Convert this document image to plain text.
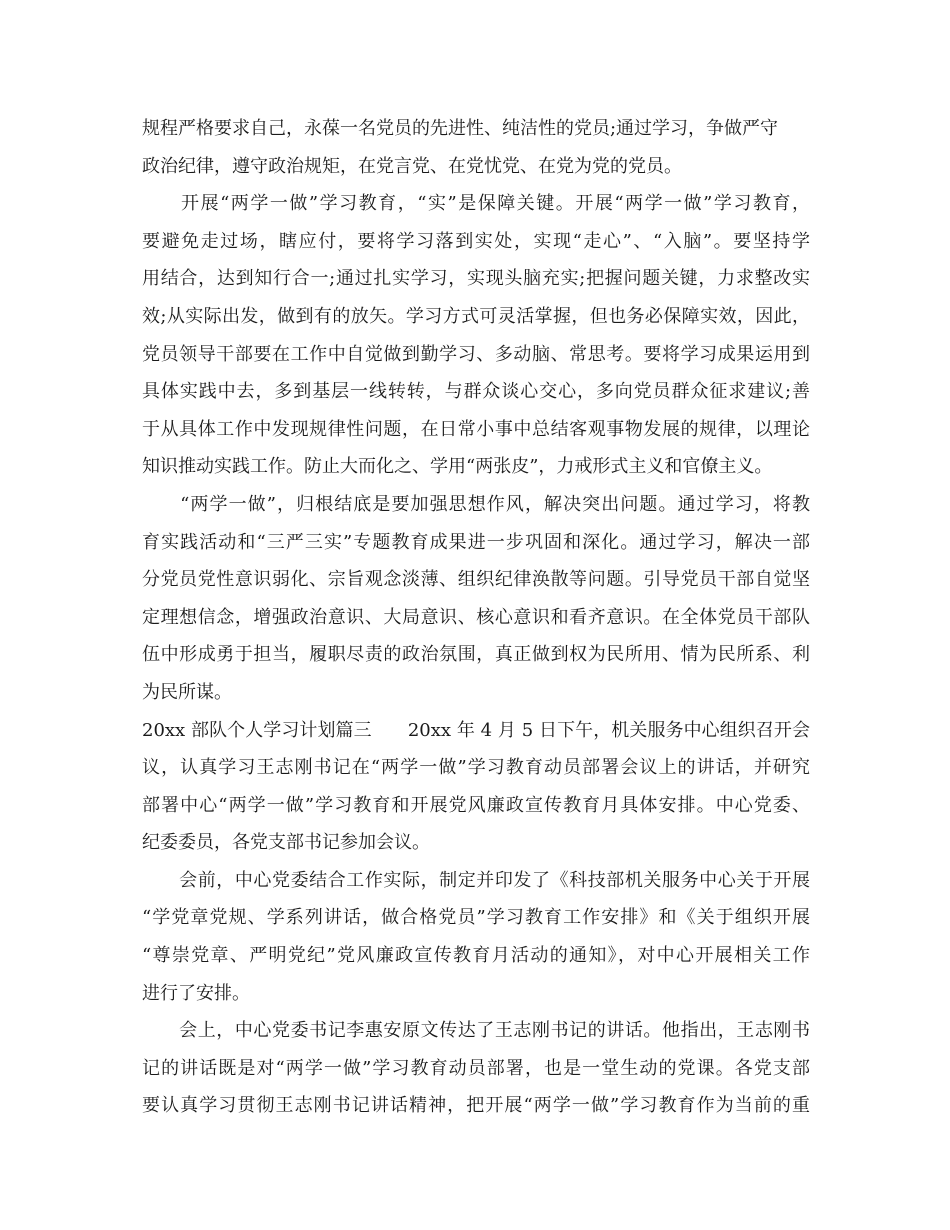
规程严格要求自己，永葆一名党员的先进性、纯洁性的党员;通过学习，争做严守
政治纪律，遵守政治规矩，在党言党、在党忧党、在党为党的党员。
　　开展“两学一做”学习教育，“实”是保障关键。开展“两学一做”学习教育，
要避免走过场，瞎应付，要将学习落到实处，实现“走心”、“入脑”。要坚持学
用结合，达到知行合一;通过扎实学习，实现头脑充实;把握问题关键，力求整改实
效;从实际出发，做到有的放矢。学习方式可灵活掌握，但也务必保障实效，因此，
党员领导干部要在工作中自觉做到勤学习、多动脑、常思考。要将学习成果运用到
具体实践中去，多到基层一线转转，与群众谈心交心，多向党员群众征求建议;善
于从具体工作中发现规律性问题，在日常小事中总结客观事物发展的规律，以理论
知识推动实践工作。防止大而化之、学用“两张皮”，力戒形式主义和官僚主义。
　　“两学一做”，归根结底是要加强思想作风，解决突出问题。通过学习，将教
育实践活动和“三严三实”专题教育成果进一步巩固和深化。通过学习，解决一部
分党员党性意识弱化、宗旨观念淡薄、组织纪律涣散等问题。引导党员干部自觉坚
定理想信念，增强政治意识、大局意识、核心意识和看齐意识。在全体党员干部队
伍中形成勇于担当，履职尽责的政治氛围，真正做到权为民所用、情为民所系、利
为民所谋。
20xx 部队个人学习计划篇三　　20xx 年 4 月 5 日下午，机关服务中心组织召开会
议，认真学习王志刚书记在“两学一做”学习教育动员部署会议上的讲话，并研究
部署中心“两学一做”学习教育和开展党风廉政宣传教育月具体安排。中心党委、
纪委委员，各党支部书记参加会议。
　　会前，中心党委结合工作实际，制定并印发了《科技部机关服务中心关于开展
“学党章党规、学系列讲话，做合格党员”学习教育工作安排》和《关于组织开展
“尊崇党章、严明党纪”党风廉政宣传教育月活动的通知》，对中心开展相关工作
进行了安排。
　　会上，中心党委书记李惠安原文传达了王志刚书记的讲话。他指出，王志刚书
记的讲话既是对“两学一做”学习教育动员部署，也是一堂生动的党课。各党支部
要认真学习贯彻王志刚书记讲话精神，把开展“两学一做”学习教育作为当前的重
